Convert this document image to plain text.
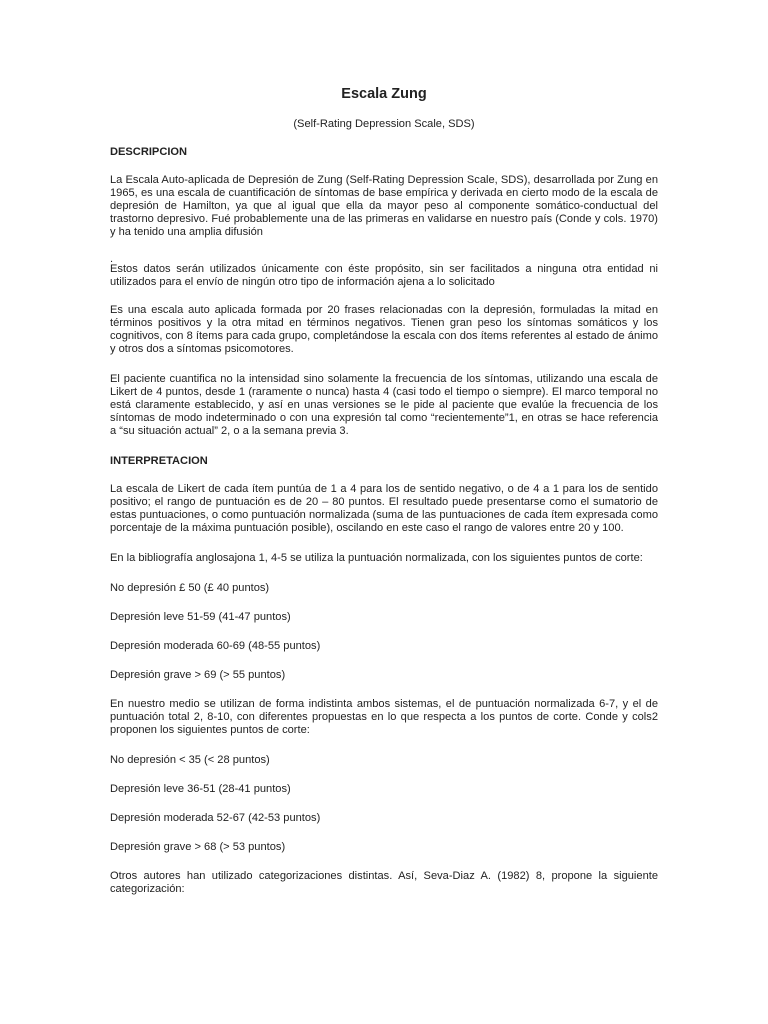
Escala Zung
(Self-Rating Depression Scale, SDS)
DESCRIPCION

La Escala Auto-aplicada de Depresión de Zung (Self-Rating Depression Scale, SDS), desarrollada por Zung en 1965, es una escala de cuantificación de síntomas de base empírica y derivada en cierto modo de la escala de depresión de Hamilton, ya que al igual que ella da mayor peso al componente somático-conductual del trastorno depresivo. Fué probablemente una de las primeras en validarse en nuestro país (Conde y cols. 1970) y ha tenido una amplia difusión

.

Estos datos serán utilizados únicamente con éste propósito, sin ser facilitados a ninguna otra entidad ni utilizados para el envío de ningún otro tipo de información ajena a lo solicitado

Es una escala auto aplicada formada por 20 frases relacionadas con la depresión, formuladas la mitad en términos positivos y la otra mitad en términos negativos. Tienen gran peso los síntomas somáticos y los cognitivos, con 8 ítems para cada grupo, completándose la escala con dos ítems referentes al estado de ánimo y otros dos a síntomas psicomotores.

El paciente cuantifica no la intensidad sino solamente la frecuencia de los síntomas, utilizando una escala de Likert de 4 puntos, desde 1 (raramente o nunca) hasta 4 (casi todo el tiempo o siempre). El marco temporal no está claramente establecido, y así en unas versiones se le pide al paciente que evalúe la frecuencia de los síntomas de modo indeterminado o con una expresión tal como “recientemente”1, en otras se hace referencia a “su situación actual” 2, o a la semana previa 3.

INTERPRETACION

La escala de Likert de cada ítem puntúa de 1 a 4 para los de sentido negativo, o de 4 a 1 para los de sentido positivo; el rango de puntuación es de 20 – 80 puntos. El resultado puede presentarse como el sumatorio de estas puntuaciones, o como puntuación normalizada (suma de las puntuaciones de cada ítem expresada como porcentaje de la máxima puntuación posible), oscilando en este caso el rango de valores entre 20 y 100.

En la bibliografía anglosajona 1, 4-5 se utiliza la puntuación normalizada, con los siguientes puntos de corte:

No depresión £ 50 (£ 40 puntos)

Depresión leve 51-59 (41-47 puntos)

Depresión moderada 60-69 (48-55 puntos)

Depresión grave > 69 (> 55 puntos)

En nuestro medio se utilizan de forma indistinta ambos sistemas, el de puntuación normalizada 6-7, y el de puntuación total 2, 8-10, con diferentes propuestas en lo que respecta a los puntos de corte. Conde y cols2 proponen los siguientes puntos de corte:

No depresión < 35 (< 28 puntos)

Depresión leve 36-51 (28-41 puntos)

Depresión moderada 52-67 (42-53 puntos)

Depresión grave > 68 (> 53 puntos)

Otros autores han utilizado categorizaciones distintas. Así, Seva-Diaz A. (1982) 8, propone la siguiente categorización:
